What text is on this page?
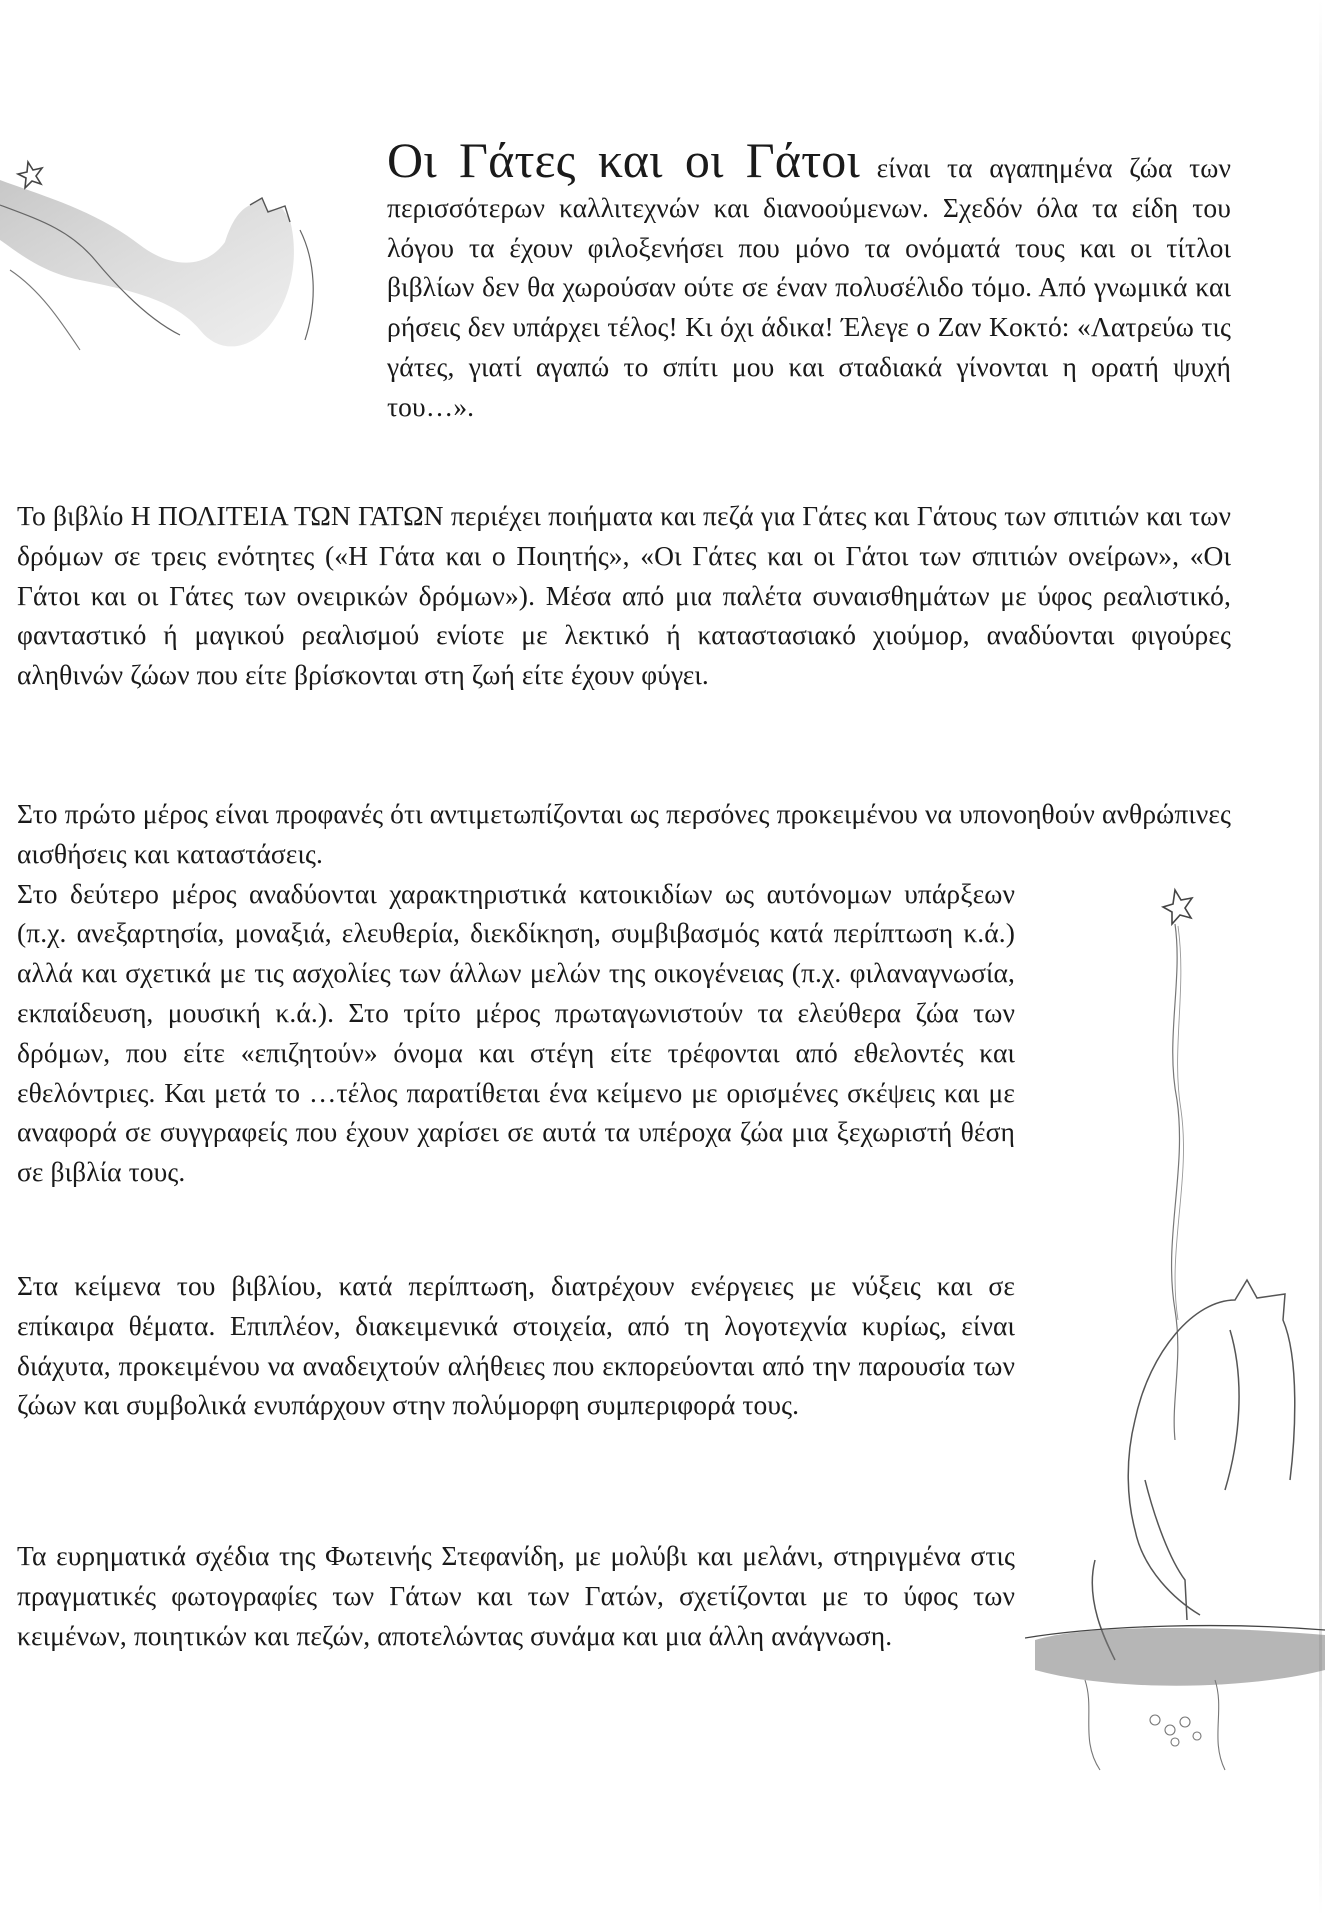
Οι Γάτες και οι Γάτοι είναι τα αγαπημένα ζώα των περισσότερων καλλιτεχνών και διανοούμενων. Σχεδόν όλα τα είδη του λόγου τα έχουν φιλοξενήσει που μόνο τα ονόματά τους και οι τίτλοι βιβλίων δεν θα χωρούσαν ούτε σε έναν πολυσέλιδο τόμο. Από γνωμικά και ρήσεις δεν υπάρχει τέλος! Κι όχι άδικα! Έλεγε ο Ζαν Κοκτό: «Λατρεύω τις γάτες, γιατί αγαπώ το σπίτι μου και σταδιακά γίνονται η ορατή ψυχή του…».

Το βιβλίο Η ΠΟΛΙΤΕΙΑ ΤΩΝ ΓΑΤΩΝ περιέχει ποιήματα και πεζά για Γάτες και Γάτους των σπιτιών και των δρόμων σε τρεις ενότητες («Η Γάτα και ο Ποιητής», «Οι Γάτες και οι Γάτοι των σπιτιών ονείρων», «Οι Γάτοι και οι Γάτες των ονειρικών δρόμων»). Μέσα από μια παλέτα συναισθημάτων με ύφος ρεαλιστικό, φανταστικό ή μαγικού ρεαλισμού ενίοτε με λεκτικό ή καταστασιακό χιούμορ, αναδύονται φιγούρες αληθινών ζώων που είτε βρίσκονται στη ζωή είτε έχουν φύγει.

Στο πρώτο μέρος είναι προφανές ότι αντιμετωπίζονται ως περσόνες προκειμένου να υπονοηθούν ανθρώπινες αισθήσεις και καταστάσεις.
Στο δεύτερο μέρος αναδύονται χαρακτηριστικά κατοικιδίων ως αυτόνομων υπάρξεων (π.χ. ανεξαρτησία, μοναξιά, ελευθερία, διεκδίκηση, συμβιβασμός κατά περίπτωση κ.ά.) αλλά και σχετικά με τις ασχολίες των άλλων μελών της οικογένειας (π.χ. φιλαναγνωσία, εκπαίδευση, μουσική κ.ά.). Στο τρίτο μέρος πρωταγωνιστούν τα ελεύθερα ζώα των δρόμων, που είτε «επιζητούν» όνομα και στέγη είτε τρέφονται από εθελοντές και εθελόντριες. Και μετά το …τέλος παρατίθεται ένα κείμενο με ορισμένες σκέψεις και με αναφορά σε συγγραφείς που έχουν χαρίσει σε αυτά τα υπέροχα ζώα μια ξεχωριστή θέση σε βιβλία τους.

Στα κείμενα του βιβλίου, κατά περίπτωση, διατρέχουν ενέργειες με νύξεις και σε επίκαιρα θέματα. Επιπλέον, διακειμενικά στοιχεία, από τη λογοτεχνία κυρίως, είναι διάχυτα, προκειμένου να αναδειχτούν αλήθειες που εκπορεύονται από την παρουσία των ζώων και συμβολικά ενυπάρχουν στην πολύμορφη συμπεριφορά τους.

Τα ευρηματικά σχέδια της Φωτεινής Στεφανίδη, με μολύβι και μελάνι, στηριγμένα στις πραγματικές φωτογραφίες των Γάτων και των Γατών, σχετίζονται με το ύφος των κειμένων, ποιητικών και πεζών, αποτελώντας συνάμα και μια άλλη ανάγνωση.
